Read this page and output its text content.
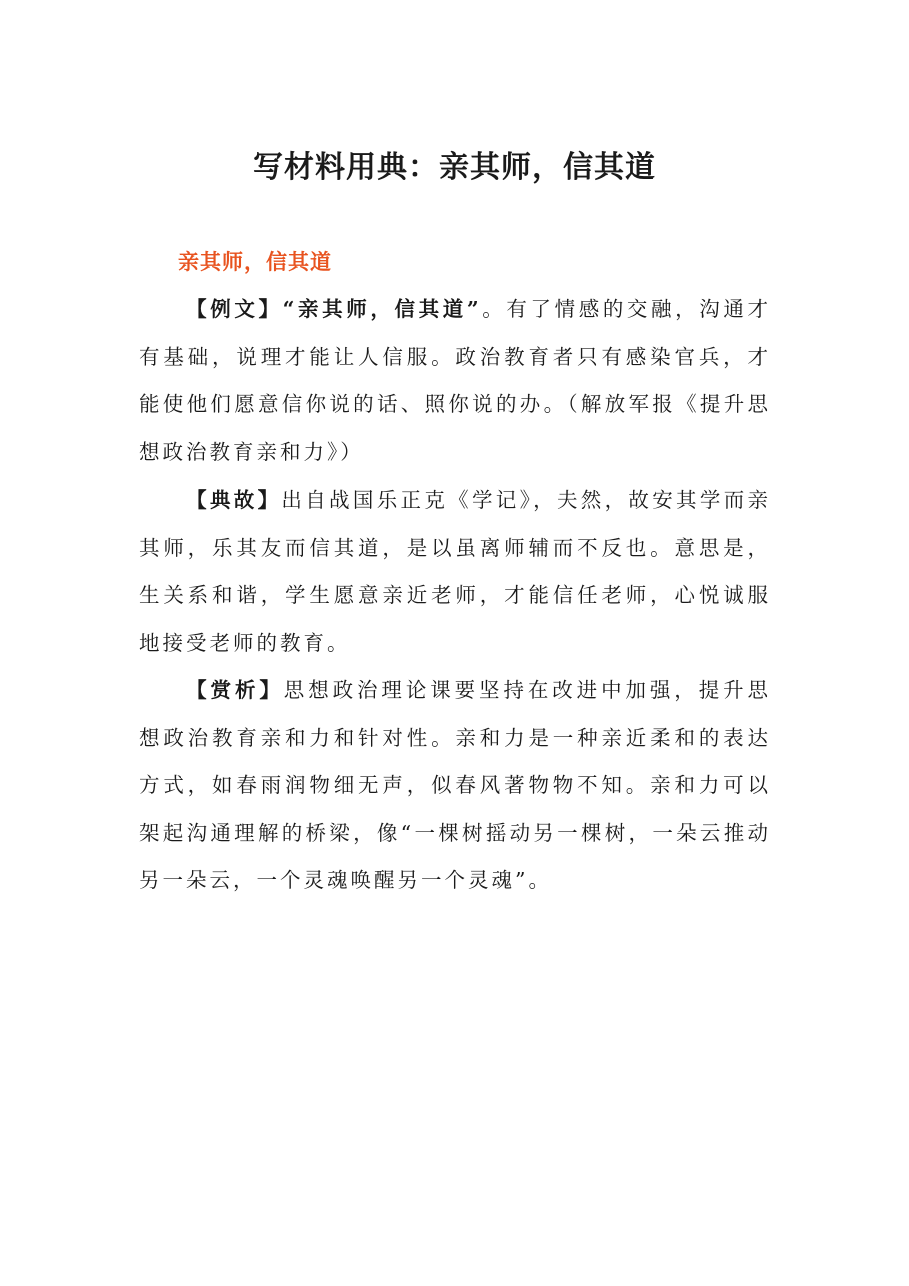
写材料用典：亲其师，信其道
亲其师，信其道

【例文】“亲其师，信其道”。有了情感的交融，沟通才有基础，说理才能让人信服。政治教育者只有感染官兵，才能使他们愿意信你说的话、照你说的办。（解放军报《提升思想政治教育亲和力》）

【典故】出自战国乐正克《学记》，夫然，故安其学而亲其师，乐其友而信其道，是以虽离师辅而不反也。意思是，生关系和谐，学生愿意亲近老师，才能信任老师，心悦诚服地接受老师的教育。

【赏析】思想政治理论课要坚持在改进中加强，提升思想政治教育亲和力和针对性。亲和力是一种亲近柔和的表达方式，如春雨润物细无声，似春风著物物不知。亲和力可以架起沟通理解的桥梁，像“一棵树摇动另一棵树，一朵云推动另一朵云，一个灵魂唤醒另一个灵魂”。
